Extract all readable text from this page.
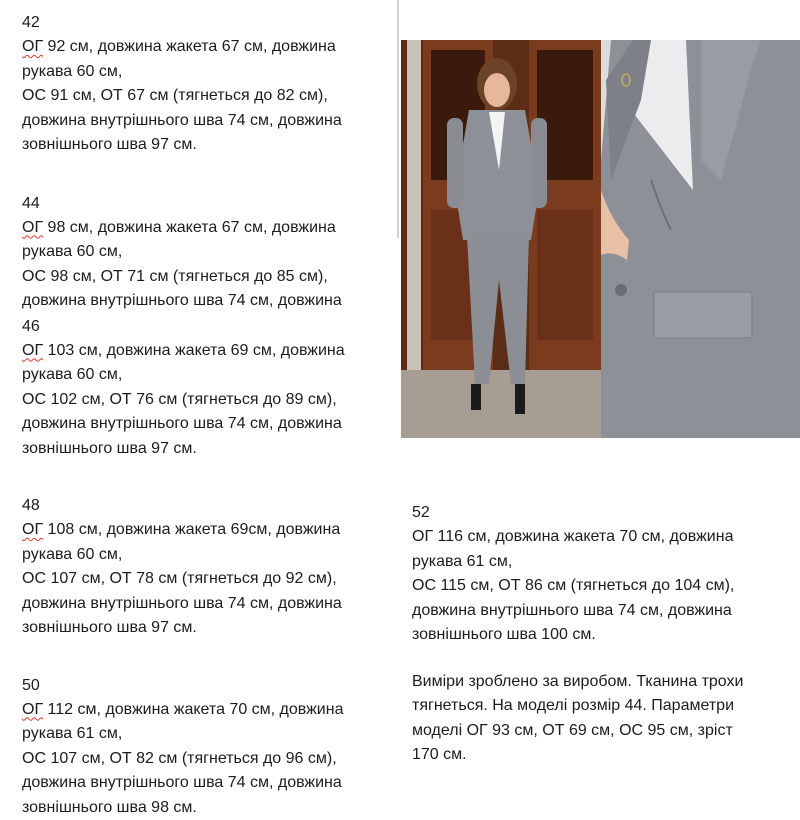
42
ОГ 92 см, довжина жакета 67 см, довжина
рукава 60 см,
ОС 91 см, ОТ 67 см (тягнеться до 82 см),
довжина внутрішнього шва 74 см, довжина
зовнішнього шва 97 см.
44
ОГ 98 см, довжина жакета 67 см, довжина
рукава 60 см,
ОС 98 см, ОТ 71 см (тягнеться до 85 см),
довжина внутрішнього шва 74 см, довжина
46
ОГ 103 см, довжина жакета 69 см, довжина
рукава 60 см,
ОС 102 см, ОТ 76 см (тягнеться до 89 см),
довжина внутрішнього шва 74 см, довжина
зовнішнього шва 97 см.
48
ОГ 108 см, довжина жакета 69см, довжина
рукава 60 см,
ОС 107 см, ОТ 78 см (тягнеться до 92 см),
довжина внутрішнього шва 74 см, довжина
зовнішнього шва 97 см.
50
ОГ 112 см, довжина жакета 70 см, довжина
рукава 61 см,
ОС 107 см, ОТ 82 см (тягнеться до 96 см),
довжина внутрішнього шва 74 см, довжина
зовнішнього шва 98 см.
52
ОГ 116 см, довжина жакета 70 см, довжина
рукава 61 см,
ОС 115 см, ОТ 86 см (тягнеться до 104 см),
довжина внутрішнього шва 74 см, довжина
зовнішнього шва 100 см.
Виміри зроблено за виробом. Тканина трохи
тягнеться. На моделі розмір 44. Параметри
моделі ОГ 93 см, ОТ 69 см, ОС 95 см, зріст
170 см.
